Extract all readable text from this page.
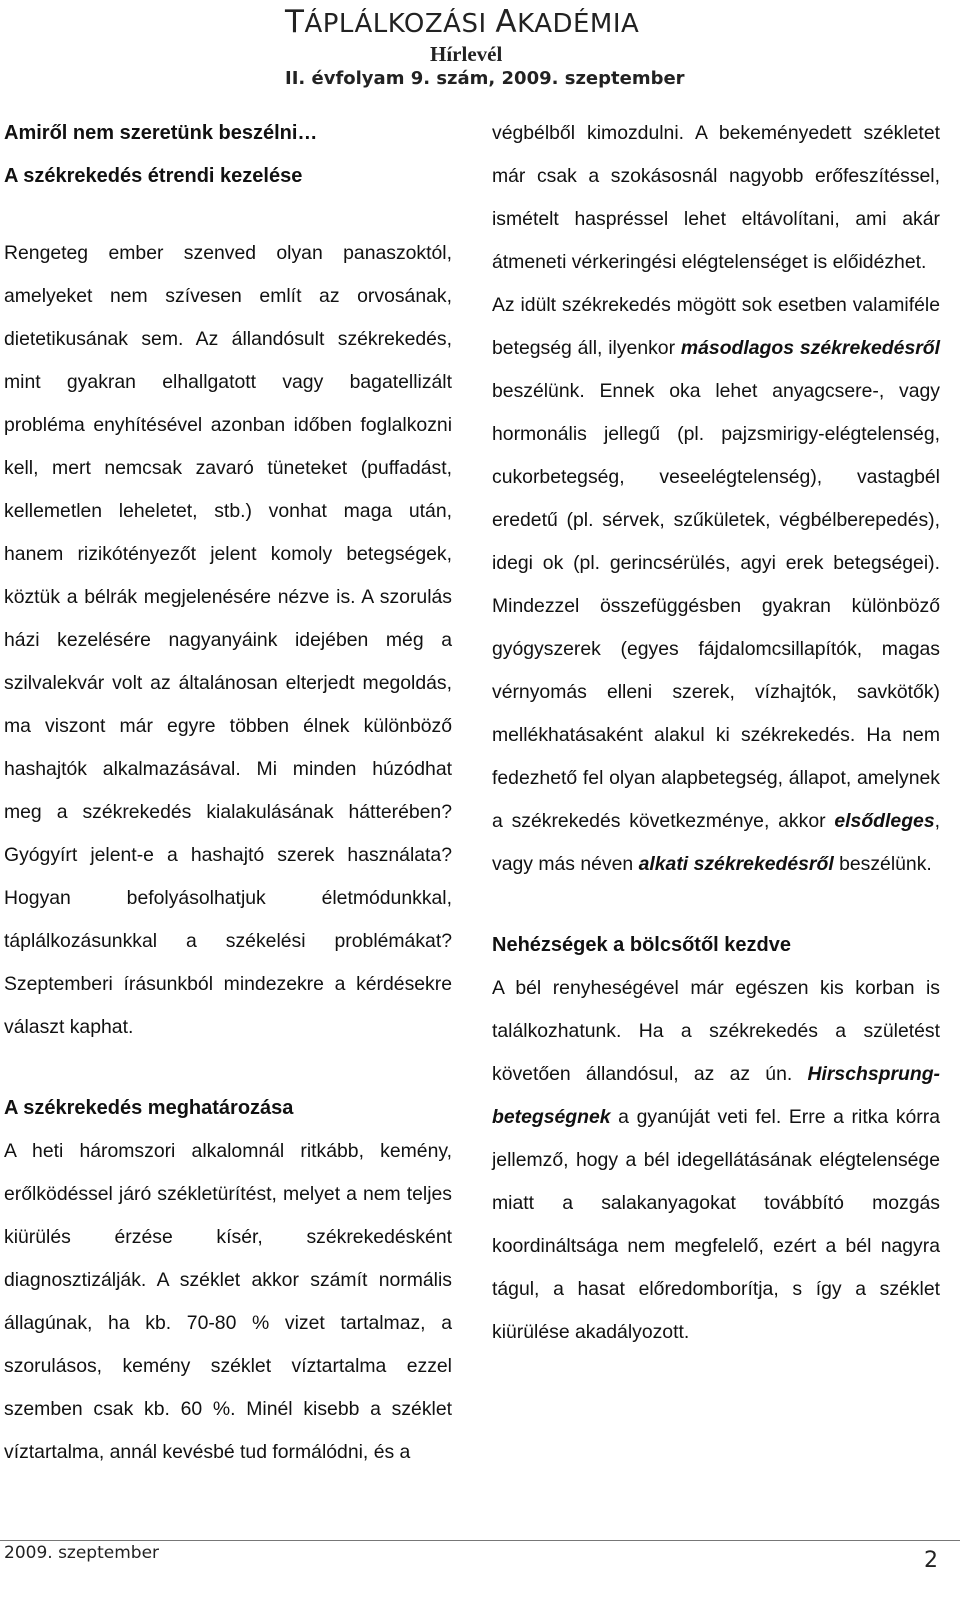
TÁPLÁLKOZÁSI AKADÉMIA
Hírlevél
II. évfolyam 9. szám, 2009. szeptember
Amiről nem szeretünk beszélni…
A székrekedés étrendi kezelése

Rengeteg ember szenved olyan panaszoktól, amelyeket nem szívesen említ az orvosának, dietetikusának sem. Az állandósult székrekedés, mint gyakran elhallgatott vagy bagatellizált probléma enyhítésével azonban időben foglalkozni kell, mert nemcsak zavaró tüneteket (puffadást, kellemetlen leheletet, stb.) vonhat maga után, hanem rizikótényezőt jelent komoly betegségek, köztük a bélrák megjelenésére nézve is. A szorulás házi kezelésére nagyanyáink idejében még a szilvalekvár volt az általánosan elterjedt megoldás, ma viszont már egyre többen élnek különböző hashajtók alkalmazásával. Mi minden húzódhat meg a székrekedés kialakulásának hátterében? Gyógyírt jelent-e a hashajtó szerek használata? Hogyan befolyásolhatjuk életmódunkkal, táplálkozásunkkal a székelési problémákat? Szeptemberi írásunkból mindezekre a kérdésekre választ kaphat.

A székrekedés meghatározása

A heti háromszori alkalomnál ritkább, kemény, erőlködéssel járó székletürítést, melyet a nem teljes kiürülés érzése kísér, székrekedésként diagnosztizálják. A széklet akkor számít normális állagúnak, ha kb. 70-80 % vizet tartalmaz, a szorulásos, kemény széklet víztartalma ezzel szemben csak kb. 60 %. Minél kisebb a széklet víztartalma, annál kevésbé tud formálódni, és a

végbélből kimozdulni. A bekeményedett székletet már csak a szokásosnál nagyobb erőfeszítéssel, ismételt haspréssel lehet eltávolítani, ami akár átmeneti vérkeringési elégtelenséget is előidézhet.

Az idült székrekedés mögött sok esetben valamiféle betegség áll, ilyenkor másodlagos székrekedésről beszélünk. Ennek oka lehet anyagcsere-, vagy hormonális jellegű (pl. pajzsmirigy-elégtelenség, cukorbetegség, veseelégtelenség), vastagbél eredetű (pl. sérvek, szűkületek, végbélberepedés), idegi ok (pl. gerincsérülés, agyi erek betegségei). Mindezzel összefüggésben gyakran különböző gyógyszerek (egyes fájdalomcsillapítók, magas vérnyomás elleni szerek, vízhajtók, savkötők) mellékhatásaként alakul ki székrekedés. Ha nem fedezhető fel olyan alapbetegség, állapot, amelynek a székrekedés következménye, akkor elsődleges, vagy más néven alkati székrekedésről beszélünk.

Nehézségek a bölcsőtől kezdve

A bél renyheségével már egészen kis korban is találkozhatunk. Ha a székrekedés a születést követően állandósul, az az ún. Hirschsprung-betegségnek a gyanúját veti fel. Erre a ritka kórra jellemző, hogy a bél idegellátásának elégtelensége miatt a salakanyagokat továbbító mozgás koordináltsága nem megfelelő, ezért a bél nagyra tágul, a hasat előredomborítja, s így a széklet kiürülése akadályozott.

2009. szeptember	2
